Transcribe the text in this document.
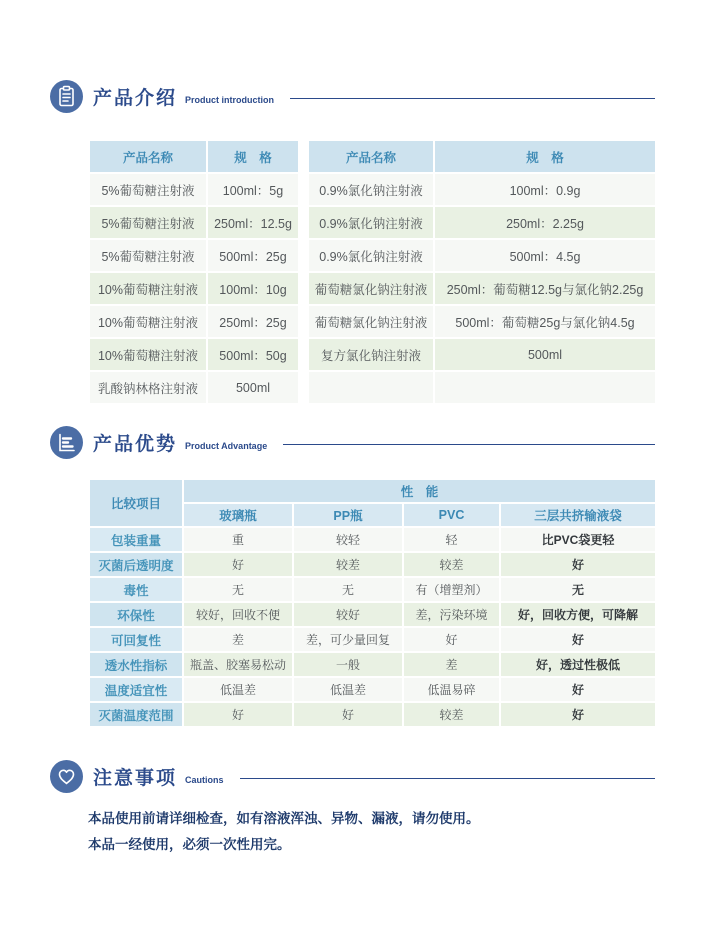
产品介绍 Product introduction
产品名称	规　格
5%葡萄糖注射液	100ml：5g
5%葡萄糖注射液	250ml：12.5g
5%葡萄糖注射液	500ml：25g
10%葡萄糖注射液	100ml：10g
10%葡萄糖注射液	250ml：25g
10%葡萄糖注射液	500ml：50g
乳酸钠林格注射液	500ml
产品名称	规　格
0.9%氯化钠注射液	100ml：0.9g
0.9%氯化钠注射液	250ml：2.25g
0.9%氯化钠注射液	500ml：4.5g
葡萄糖氯化钠注射液	250ml：葡萄糖12.5g与氯化钠2.25g
葡萄糖氯化钠注射液	500ml：葡萄糖25g与氯化钠4.5g
复方氯化钠注射液	500ml

产品优势 Product Advantage
比较项目	性　能			
	玻璃瓶	PP瓶	PVC	三层共挤输液袋
包装重量	重	较轻	轻	比PVC袋更轻
灭菌后透明度	好	较差	较差	好
毒性	无	无	有（增塑剂）	无
环保性	较好，回收不便	较好	差，污染环境	好，回收方便，可降解
可回复性	差	差，可少量回复	好	好
透水性指标	瓶盖、胶塞易松动	一般	差	好，透过性极低
温度适宜性	低温差	低温差	低温易碎	好
灭菌温度范围	好	好	较差	好
注意事项 Cautions

本品使用前请详细检查，如有溶液浑浊、异物、漏液，请勿使用。

本品一经使用，必须一次性用完。
